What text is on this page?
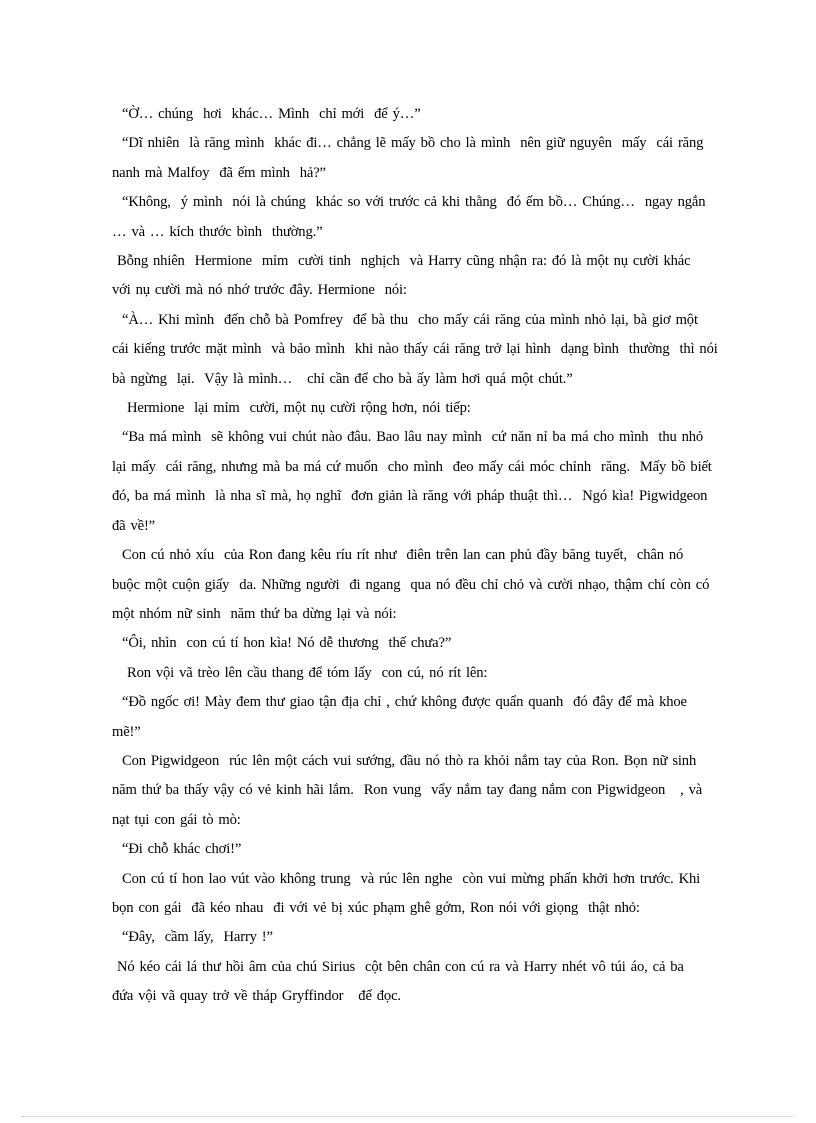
“Ờ… chúng  hơi  khác… Mình  chỉ mới  để ý…”

“Dĩ nhiên  là răng mình  khác đi… chẳng lẽ mấy bồ cho là mình  nên giữ nguyên  mấy  cái răng
nanh mà Malfoy  đã ếm mình  hả?”

“Không,  ý mình  nói là chúng  khác so với trước cả khi thằng  đó ếm bồ… Chúng…  ngay ngắn
… và … kích thước bình  thường.”

Bỗng nhiên  Hermione  mỉm  cười tinh  nghịch  và Harry cũng nhận ra: đó là một nụ cười khác
với nụ cười mà nó nhớ trước đây. Hermione  nói:

“À… Khi mình  đến chỗ bà Pomfrey  để bà thu  cho mấy cái răng của mình nhỏ lại, bà giơ một
cái kiếng trước mặt mình  và bảo mình  khi nào thấy cái răng trở lại hình  dạng bình  thường  thì nói
bà ngừng  lại.  Vậy là mình…   chỉ cần để cho bà ấy làm hơi quá một chút.”

Hermione  lại mỉm  cười, một nụ cười rộng hơn, nói tiếp:

“Ba má mình  sẽ không vui chút nào đâu. Bao lâu nay mình  cứ năn nỉ ba má cho mình  thu nhỏ
lại mấy  cái răng, nhưng mà ba má cứ muốn  cho mình  đeo mấy cái móc chỉnh  răng.  Mấy bồ biết
đó, ba má mình  là nha sĩ mà, họ nghĩ  đơn giản là răng với pháp thuật thì…  Ngó kìa! Pigwidgeon
đã về!”

Con cú nhỏ xíu  của Ron đang kêu ríu rít như  điên trên lan can phủ đầy băng tuyết,  chân nó
buộc một cuộn giấy  da. Những người  đi ngang  qua nó đều chỉ chỏ và cười nhạo, thậm chí còn có
một nhóm nữ sinh  năm thứ ba dừng lại và nói:

“Ôi, nhìn  con cú tí hon kìa! Nó dễ thương  thế chưa?”

Ron vội vã trèo lên cầu thang để tóm lấy  con cú, nó rít lên:

“Đồ ngốc ơi! Mày đem thư giao tận địa chỉ , chứ không được quẩn quanh  đó đây để mà khoe
mẽ!”

Con Pigwidgeon  rúc lên một cách vui sướng, đầu nó thò ra khỏi nắm tay của Ron. Bọn nữ sinh
năm thứ ba thấy vậy có vẻ kinh hãi lắm.  Ron vung  vẩy nắm tay đang nắm con Pigwidgeon   , và
nạt tụi con gái tò mò:

“Đi chỗ khác chơi!”

Con cú tí hon lao vút vào không trung  và rúc lên nghe  còn vui mừng phấn khởi hơn trước. Khi
bọn con gái  đã kéo nhau  đi với vẻ bị xúc phạm ghê gớm, Ron nói với giọng  thật nhỏ:

“Đây,  cầm lấy,  Harry !”

Nó kéo cái lá thư hồi âm của chú Sirius  cột bên chân con cú ra và Harry nhét vô túi áo, cả ba
đứa vội vã quay trở về tháp Gryffindor   để đọc.
